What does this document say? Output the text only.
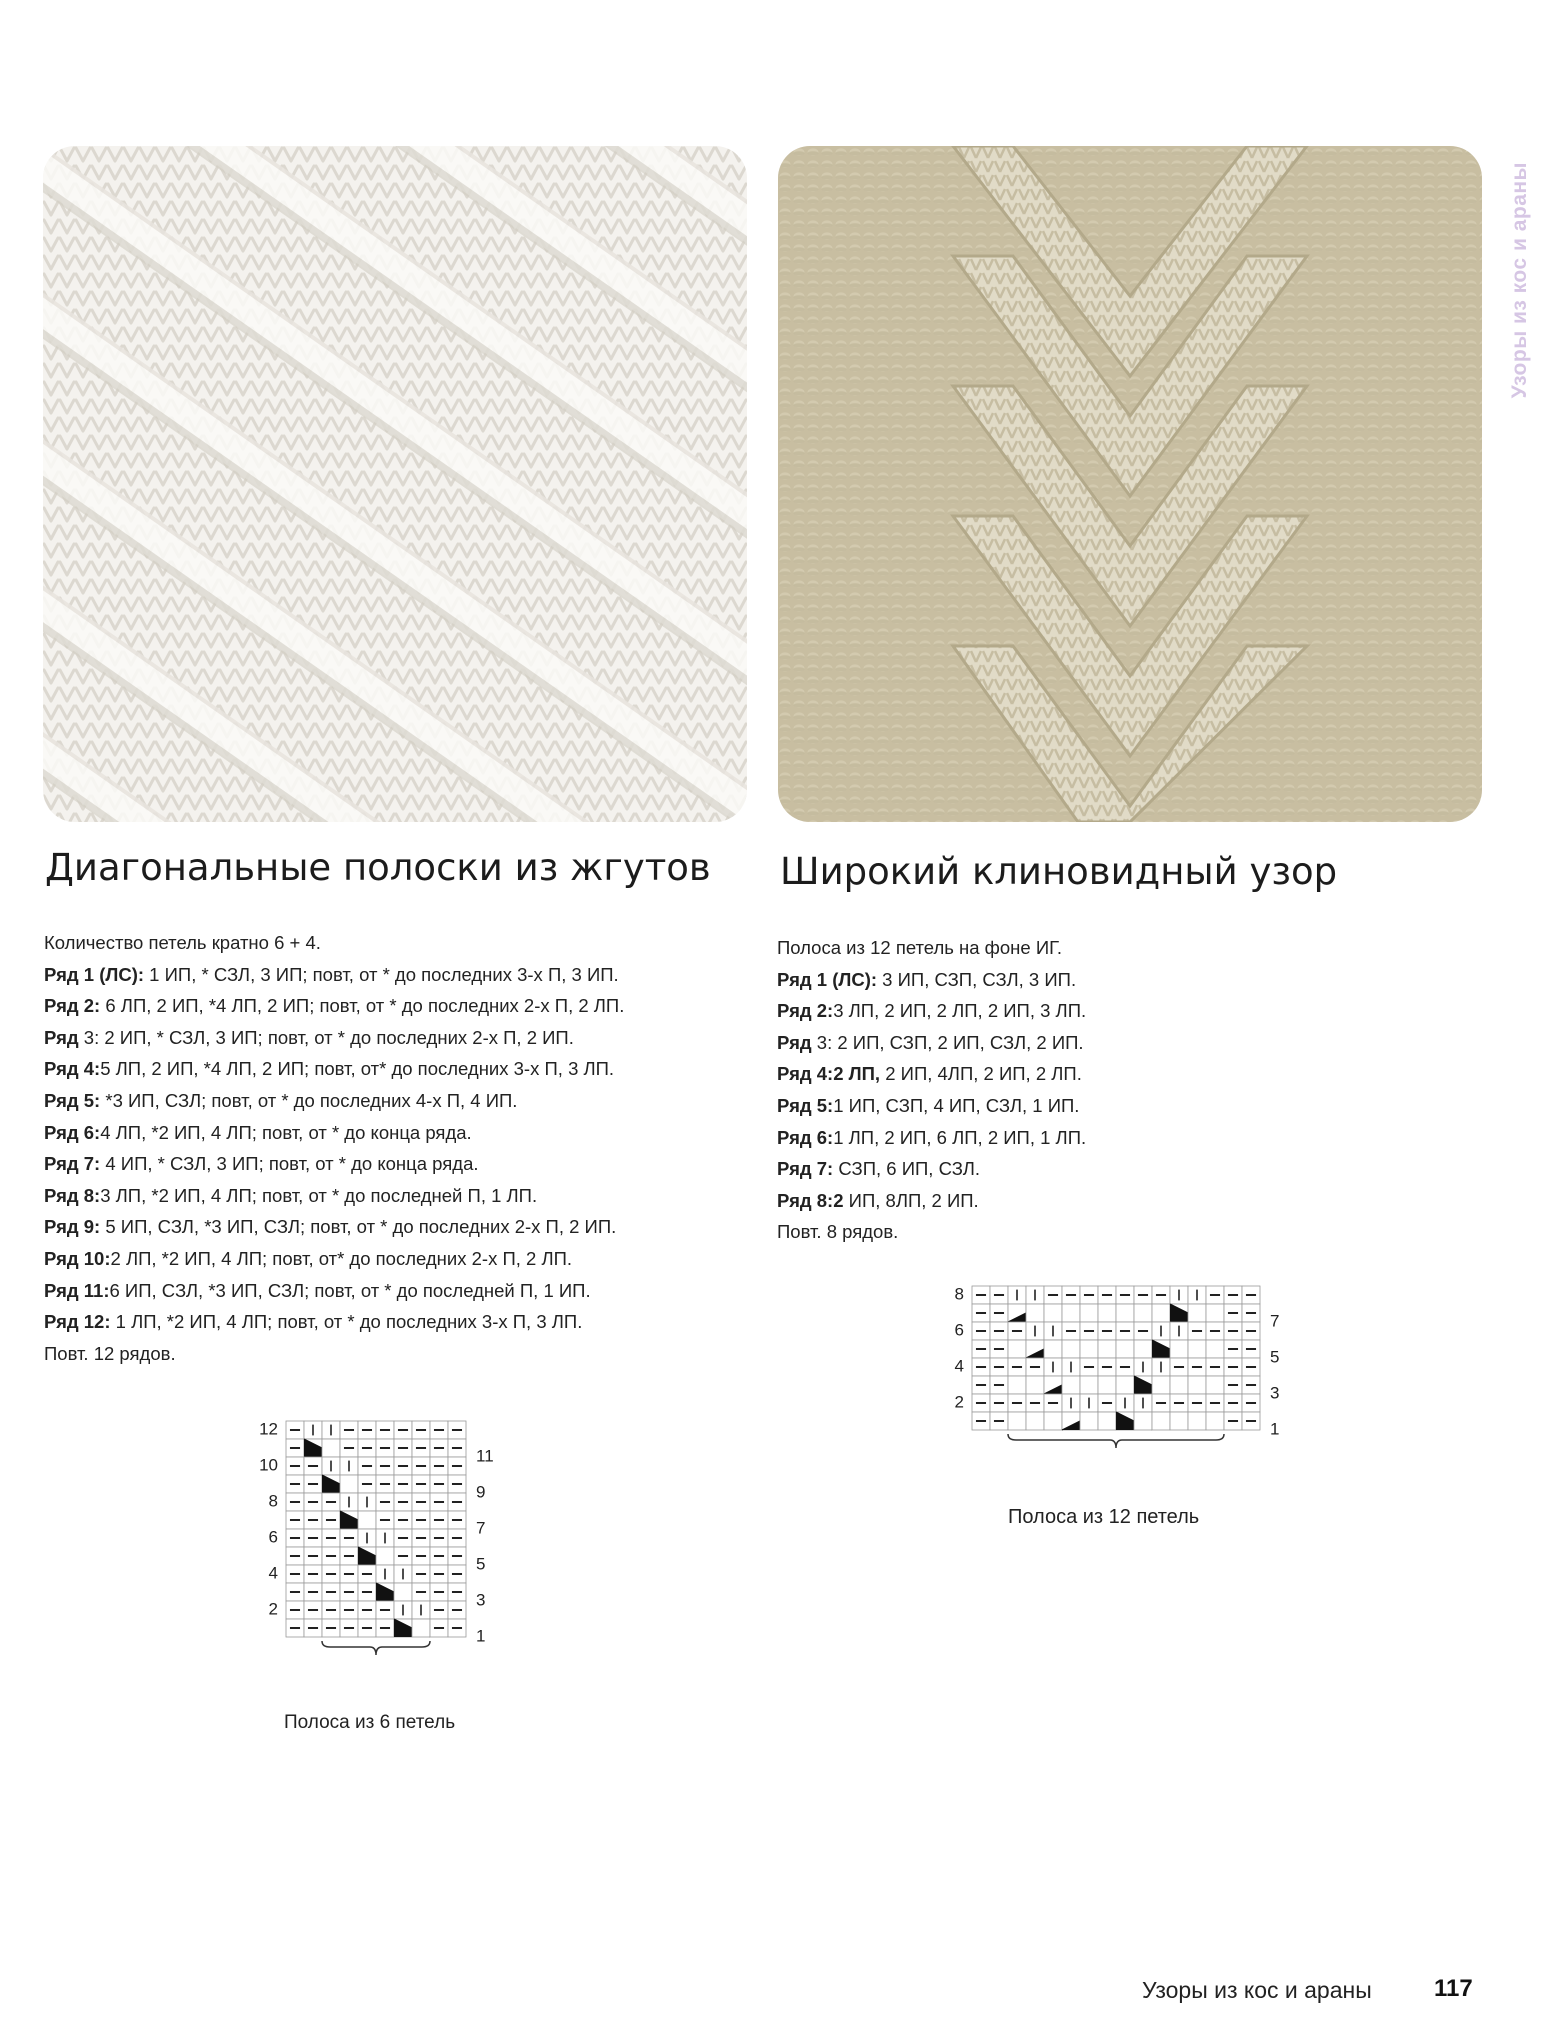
Узоры из кос и араны
Диагональные полоски из жгутов Широкий клиновидный узор
Количество петель кратно 6 + 4.
Ряд 1 (ЛС): 1 ИП, * СЗЛ, 3 ИП; повт, от * до последних 3-х П, 3 ИП.
Ряд 2: 6 ЛП, 2 ИП, *4 ЛП, 2 ИП; повт, от * до последних 2-х П, 2 ЛП.
Ряд 3: 2 ИП, * СЗЛ, 3 ИП; повт, от * до последних 2-х П, 2 ИП.
Ряд 4:5 ЛП, 2 ИП, *4 ЛП, 2 ИП; повт, от* до последних 3-х П, 3 ЛП.
Ряд 5: *3 ИП, СЗЛ; повт, от * до последних 4-х П, 4 ИП.
Ряд 6:4 ЛП, *2 ИП, 4 ЛП; повт, от * до конца ряда.
Ряд 7: 4 ИП, * СЗЛ, 3 ИП; повт, от * до конца ряда.
Ряд 8:3 ЛП, *2 ИП, 4 ЛП; повт, от * до последней П, 1 ЛП.
Ряд 9: 5 ИП, СЗЛ, *3 ИП, СЗЛ; повт, от * до последних 2-х П, 2 ИП.
Ряд 10:2 ЛП, *2 ИП, 4 ЛП; повт, от* до последних 2-х П, 2 ЛП.
Ряд 11:6 ИП, СЗЛ, *3 ИП, СЗЛ; повт, от * до последней П, 1 ИП.
Ряд 12: 1 ЛП, *2 ИП, 4 ЛП; повт, от * до последних 3-х П, 3 ЛП.
Повт. 12 рядов.
Полоса из 12 петель на фоне ИГ.
Ряд 1 (ЛС): 3 ИП, СЗП, СЗЛ, 3 ИП.
Ряд 2:3 ЛП, 2 ИП, 2 ЛП, 2 ИП, 3 ЛП.
Ряд 3: 2 ИП, СЗП, 2 ИП, СЗЛ, 2 ИП.
Ряд 4:2 ЛП, 2 ИП, 4ЛП, 2 ИП, 2 ЛП.
Ряд 5:1 ИП, СЗП, 4 ИП, СЗЛ, 1 ИП.
Ряд 6:1 ЛП, 2 ИП, 6 ЛП, 2 ИП, 1 ЛП.
Ряд 7: СЗП, 6 ИП, СЗЛ.
Ряд 8:2 ИП, 8ЛП, 2 ИП.
Повт. 8 рядов.
12
10
8
6
4
2
11
9
7
5
3
1
8
6
4
2
7
5
3
1
Полоса из 6 петель
Полоса из 12 петель
Узоры из кос и араны	117
